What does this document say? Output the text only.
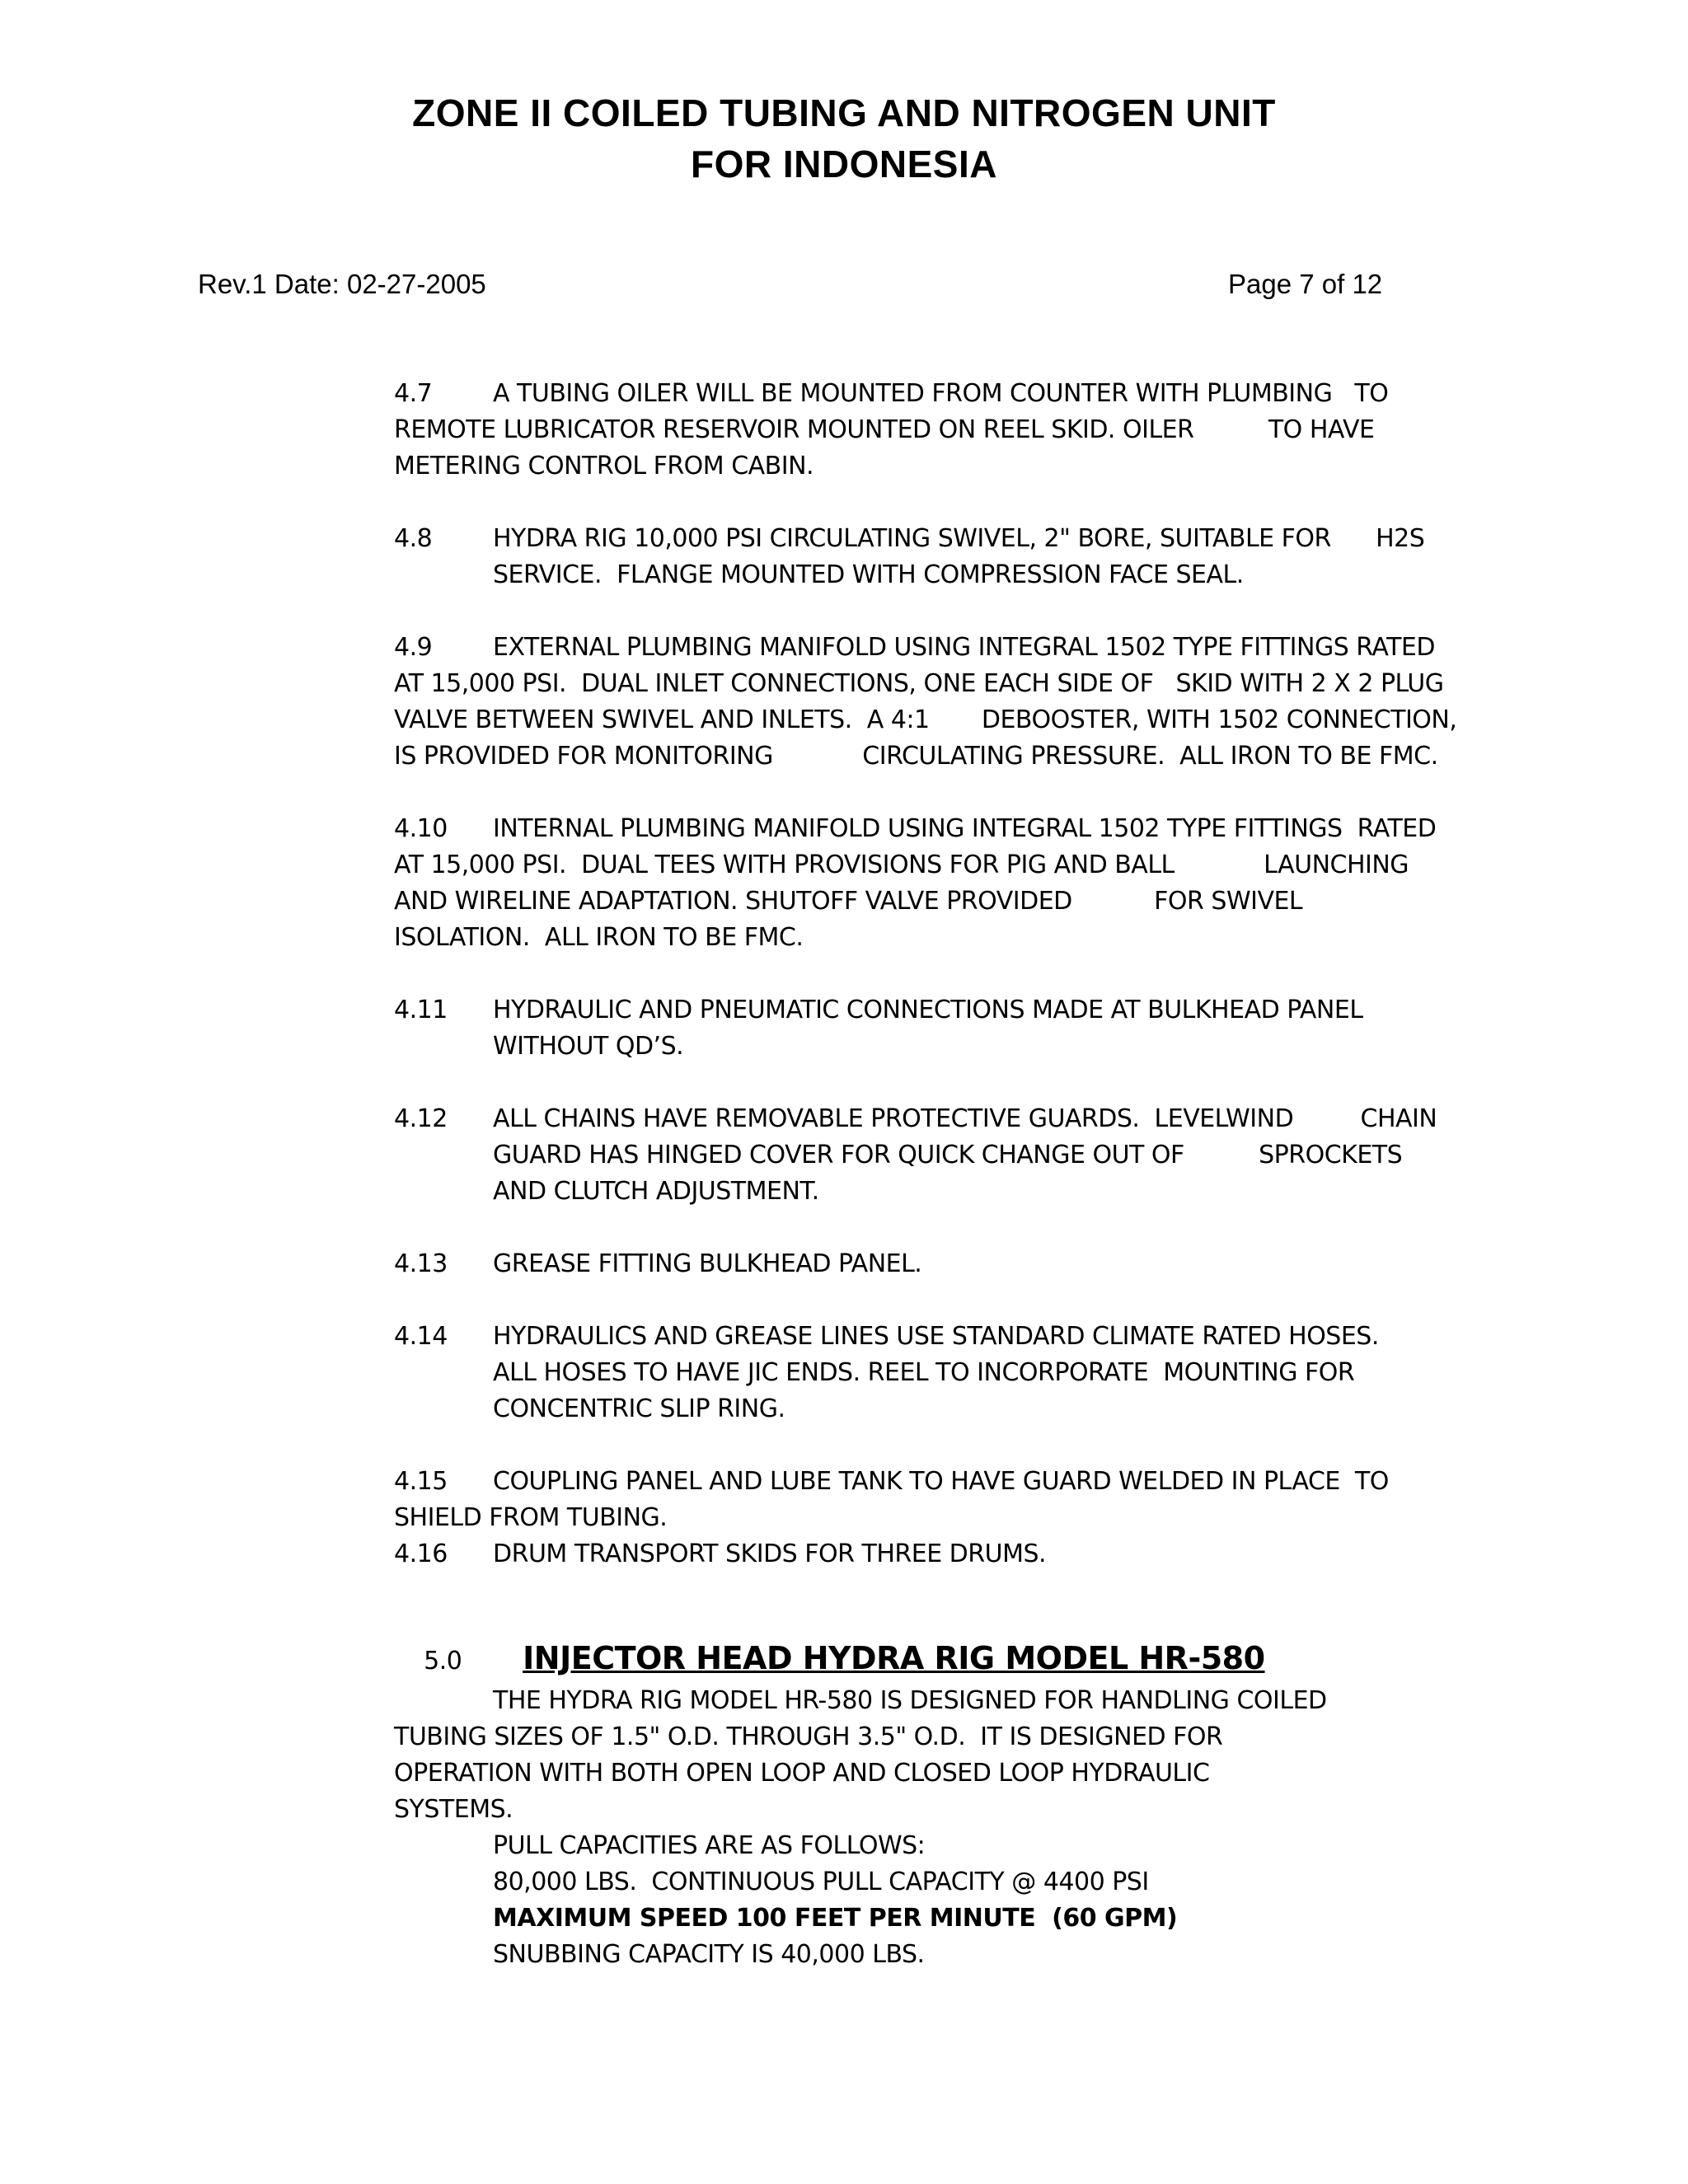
ZONE II COILED TUBING AND NITROGEN UNIT
FOR INDONESIA
Rev.1 Date: 02-27-2005	Page 7 of 12
4.7 A TUBING OILER WILL BE MOUNTED FROM COUNTER WITH PLUMBING   TO
REMOTE LUBRICATOR RESERVOIR MOUNTED ON REEL SKID. OILER          TO HAVE
METERING CONTROL FROM CABIN.
4.8 HYDRA RIG 10,000 PSI CIRCULATING SWIVEL, 2" BORE, SUITABLE FOR      H2S
SERVICE.  FLANGE MOUNTED WITH COMPRESSION FACE SEAL.
4.9 EXTERNAL PLUMBING MANIFOLD USING INTEGRAL 1502 TYPE FITTINGS RATED
AT 15,000 PSI.  DUAL INLET CONNECTIONS, ONE EACH SIDE OF   SKID WITH 2 X 2 PLUG
VALVE BETWEEN SWIVEL AND INLETS.  A 4:1       DEBOOSTER, WITH 1502 CONNECTION,
IS PROVIDED FOR MONITORING            CIRCULATING PRESSURE.  ALL IRON TO BE FMC.
4.10 INTERNAL PLUMBING MANIFOLD USING INTEGRAL 1502 TYPE FITTINGS  RATED
AT 15,000 PSI.  DUAL TEES WITH PROVISIONS FOR PIG AND BALL            LAUNCHING
AND WIRELINE ADAPTATION. SHUTOFF VALVE PROVIDED           FOR SWIVEL
ISOLATION.  ALL IRON TO BE FMC.
4.11 HYDRAULIC AND PNEUMATIC CONNECTIONS MADE AT BULKHEAD PANEL
WITHOUT QD’S.
4.12 ALL CHAINS HAVE REMOVABLE PROTECTIVE GUARDS.  LEVELWIND         CHAIN
GUARD HAS HINGED COVER FOR QUICK CHANGE OUT OF          SPROCKETS
AND CLUTCH ADJUSTMENT.
4.13 GREASE FITTING BULKHEAD PANEL.
4.14 HYDRAULICS AND GREASE LINES USE STANDARD CLIMATE RATED HOSES.
ALL HOSES TO HAVE JIC ENDS. REEL TO INCORPORATE  MOUNTING FOR
CONCENTRIC SLIP RING.
4.15 COUPLING PANEL AND LUBE TANK TO HAVE GUARD WELDED IN PLACE  TO
SHIELD FROM TUBING.
4.16 DRUM TRANSPORT SKIDS FOR THREE DRUMS.

5.0 INJECTOR HEAD HYDRA RIG MODEL HR-580

THE HYDRA RIG MODEL HR-580 IS DESIGNED FOR HANDLING COILED
TUBING SIZES OF 1.5" O.D. THROUGH 3.5" O.D.  IT IS DESIGNED FOR
OPERATION WITH BOTH OPEN LOOP AND CLOSED LOOP HYDRAULIC
SYSTEMS.
PULL CAPACITIES ARE AS FOLLOWS:
80,000 LBS.  CONTINUOUS PULL CAPACITY @ 4400 PSI
MAXIMUM SPEED 100 FEET PER MINUTE  (60 GPM)
SNUBBING CAPACITY IS 40,000 LBS.
